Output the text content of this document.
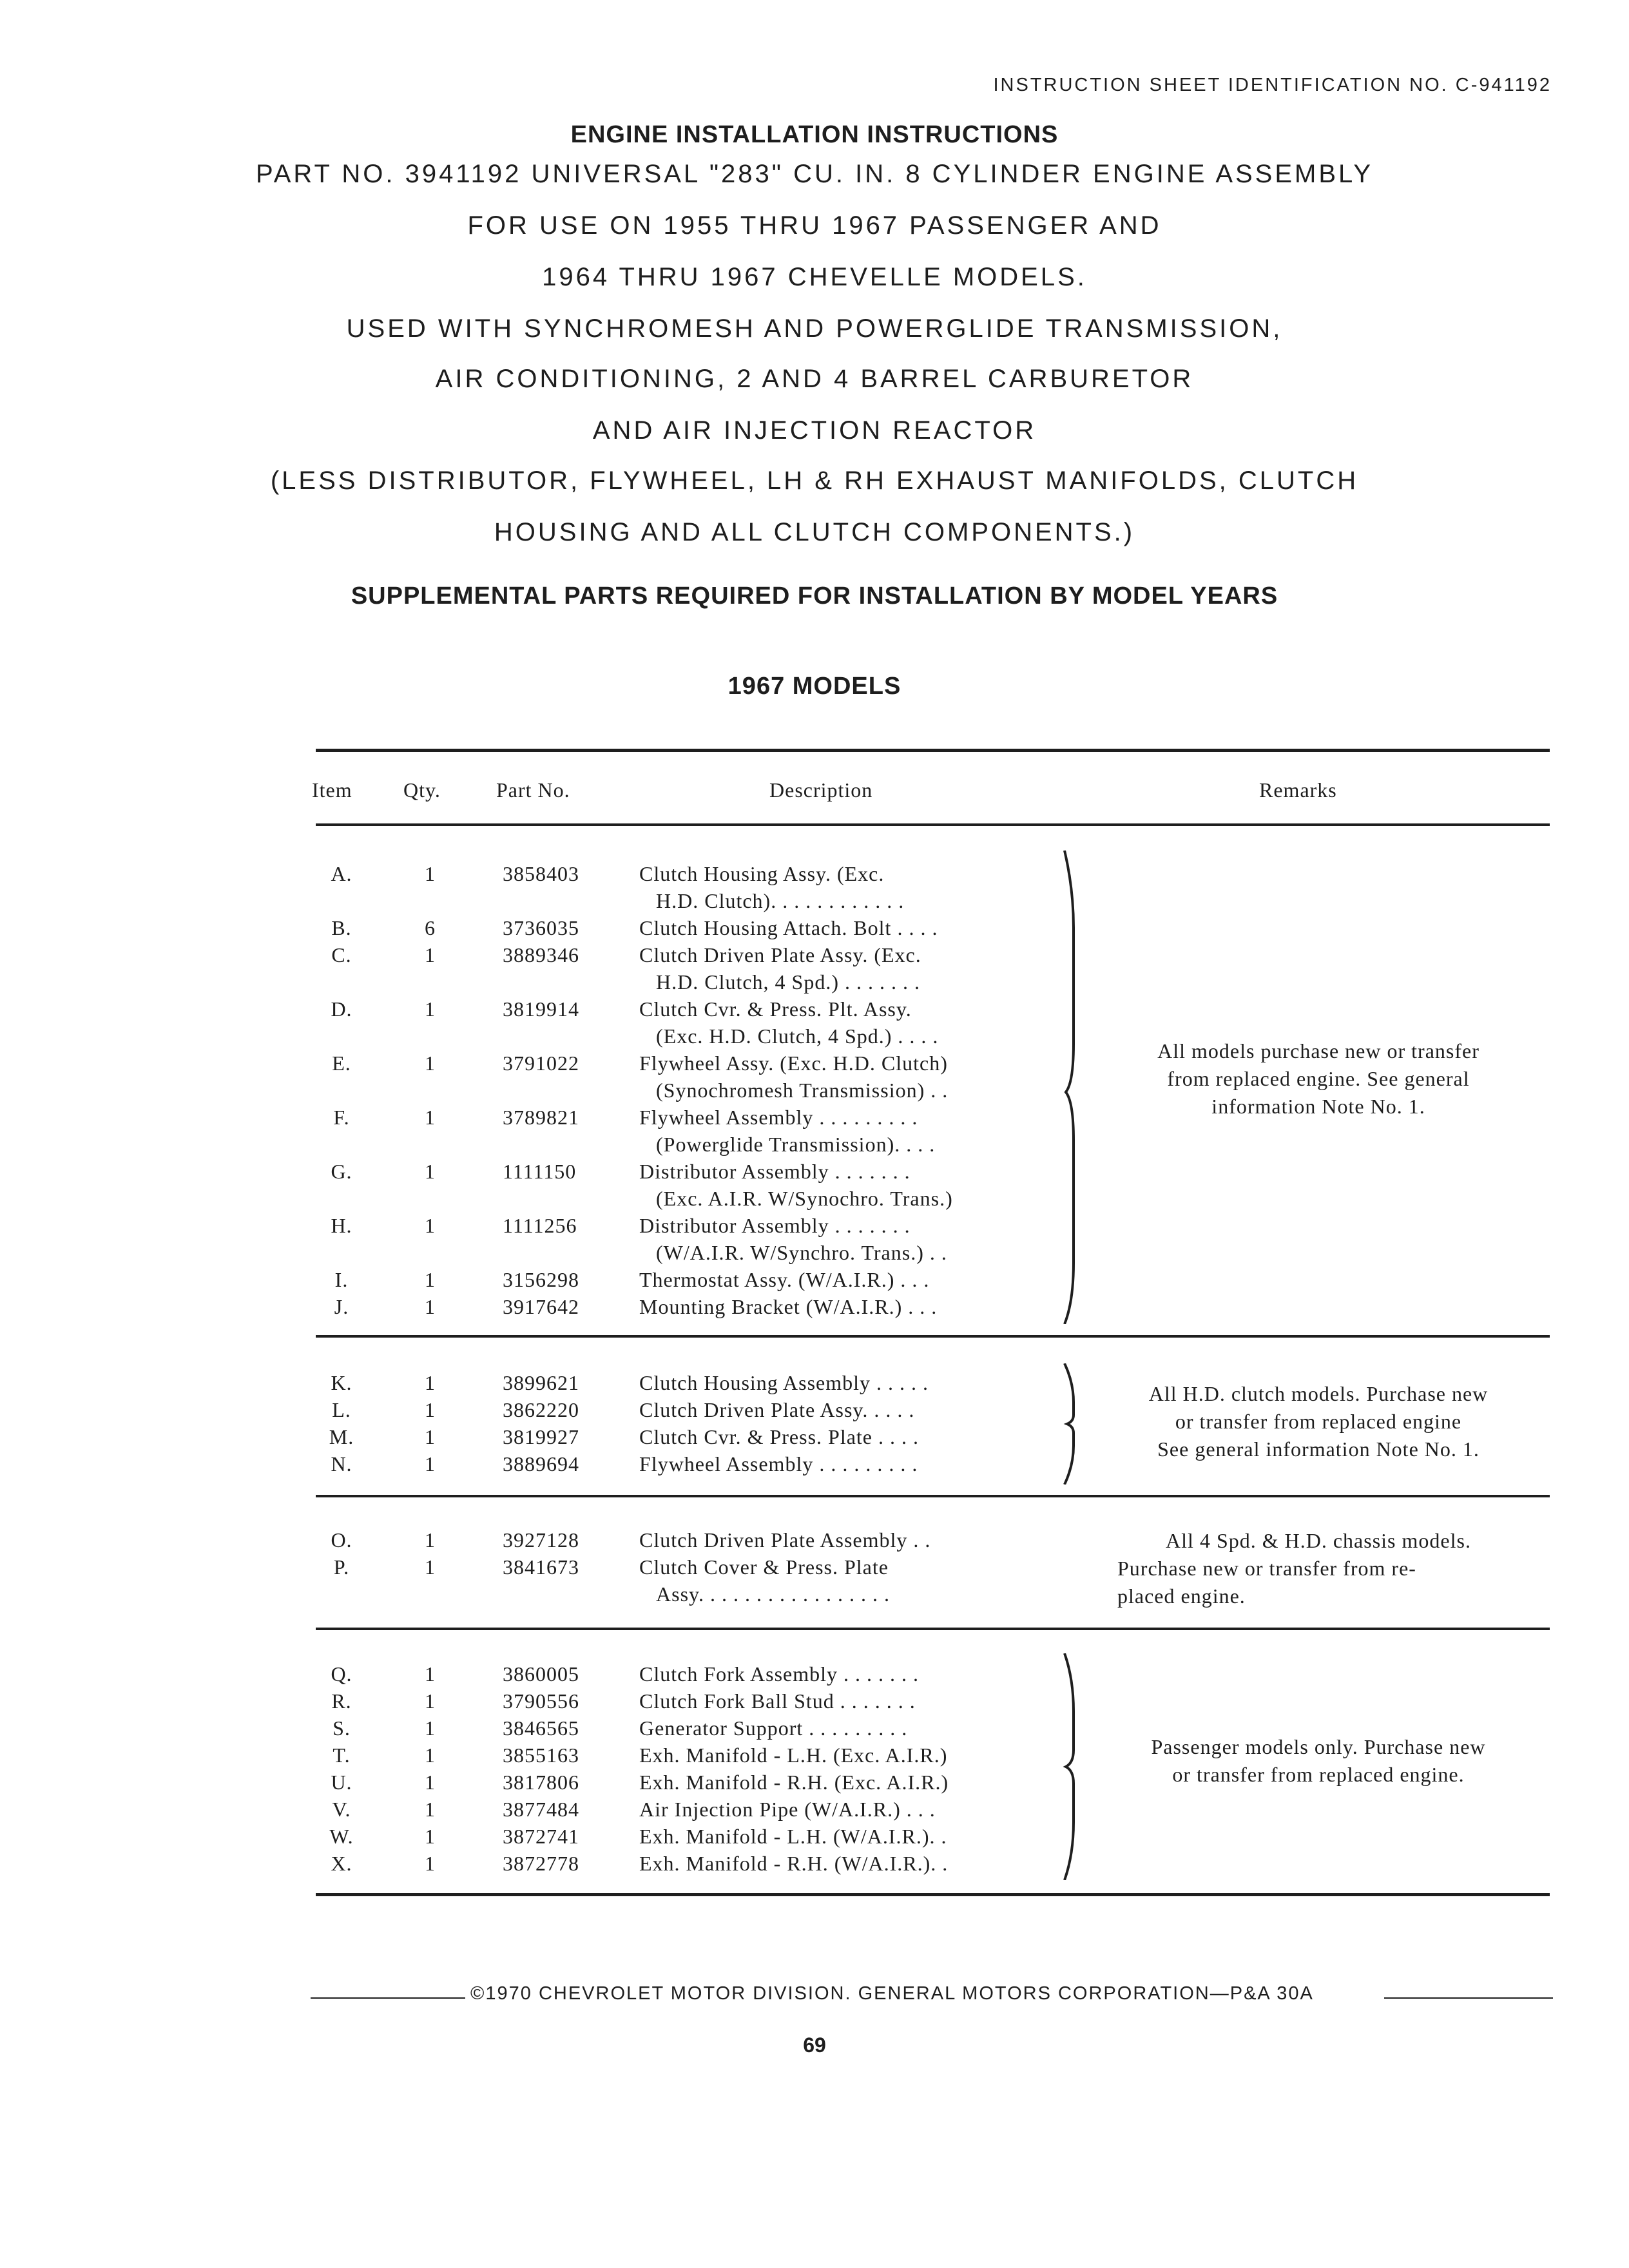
INSTRUCTION SHEET IDENTIFICATION NO. C-941192
ENGINE INSTALLATION INSTRUCTIONS
PART NO. 3941192 UNIVERSAL "283" CU. IN. 8 CYLINDER ENGINE ASSEMBLY
FOR USE ON 1955 THRU 1967 PASSENGER AND
1964 THRU 1967 CHEVELLE MODELS.
USED WITH SYNCHROMESH AND POWERGLIDE TRANSMISSION,
AIR CONDITIONING, 2 AND 4 BARREL CARBURETOR
AND AIR INJECTION REACTOR
(LESS DISTRIBUTOR, FLYWHEEL, LH & RH EXHAUST MANIFOLDS, CLUTCH
HOUSING AND ALL CLUTCH COMPONENTS.)
SUPPLEMENTAL PARTS REQUIRED FOR INSTALLATION BY MODEL YEARS
1967 MODELS
Item Qty.	Part No.	Description	Remarks
A.	1	3858403	Clutch Housing Assy. (Exc.
H.D. Clutch). . . . . . . . . . . .
B.	6	3736035	Clutch Housing Attach. Bolt . . . .
C.	1	3889346	Clutch Driven Plate Assy. (Exc.
H.D. Clutch, 4 Spd.) . . . . . . .
D.	1	3819914	Clutch Cvr. & Press. Plt. Assy.
(Exc. H.D. Clutch, 4 Spd.) . . . .
E.	1	3791022	Flywheel Assy. (Exc. H.D. Clutch)
(Synochromesh Transmission) . .
F.	1	3789821	Flywheel Assembly . . . . . . . . .
(Powerglide Transmission). . . .
G.	1	1111150	Distributor Assembly . . . . . . .
(Exc. A.I.R. W/Synochro. Trans.)
H.	1	1111256	Distributor Assembly . . . . . . .
(W/A.I.R. W/Synchro. Trans.) . .
I.	1	3156298	Thermostat Assy. (W/A.I.R.) . . .
J.	1	3917642	Mounting Bracket (W/A.I.R.) . . .
All models purchase new or transfer
from replaced engine. See general
information Note No. 1.
K.	1	3899621	Clutch Housing Assembly . . . . .
L.	1	3862220	Clutch Driven Plate Assy. . . . .
M.	1	3819927	Clutch Cvr. & Press. Plate . . . .
N.	1	3889694	Flywheel Assembly . . . . . . . . .
All H.D. clutch models. Purchase new
or transfer from replaced engine
See general information Note No. 1.
O.	1	3927128	Clutch Driven Plate Assembly . .
P.	1	3841673	Clutch Cover & Press. Plate
Assy. . . . . . . . . . . . . . . . .
All 4 Spd. & H.D. chassis models.
Purchase new or transfer from re-
placed engine.
Q.	1	3860005	Clutch Fork Assembly . . . . . . .
R.	1	3790556	Clutch Fork Ball Stud . . . . . . .
S.	1	3846565	Generator Support . . . . . . . . .
T.	1	3855163	Exh. Manifold - L.H. (Exc. A.I.R.)
U.	1	3817806	Exh. Manifold - R.H. (Exc. A.I.R.)
V.	1	3877484	Air Injection Pipe (W/A.I.R.) . . .
W.	1	3872741	Exh. Manifold - L.H. (W/A.I.R.). .
X.	1	3872778	Exh. Manifold - R.H. (W/A.I.R.). .
Passenger models only. Purchase new
or transfer from replaced engine.
©1970 CHEVROLET MOTOR DIVISION. GENERAL MOTORS CORPORATION—P&A 30A
69
